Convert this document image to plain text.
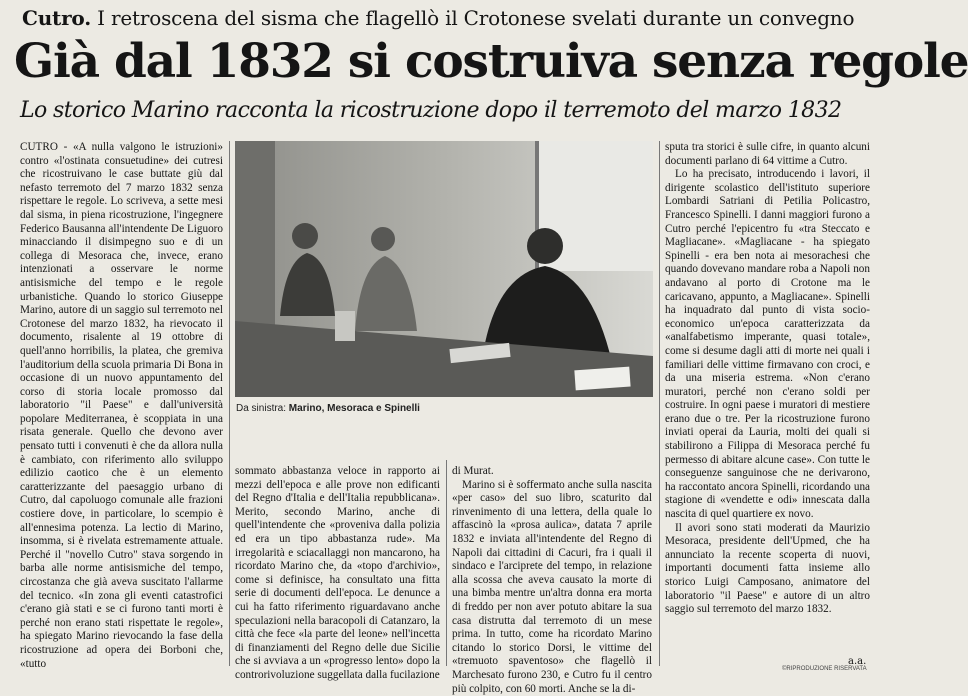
Cutro. I retroscena del sisma che flagellò il Crotonese svelati durante un convegno
Già dal 1832 si costruiva senza regole
Lo storico Marino racconta la ricostruzione dopo il terremoto del marzo 1832

CUTRO - «A nulla valgono le istruzioni» contro «l'ostinata consuetudine» dei cutresi che ricostruivano le case buttate giù dal nefasto terremoto del 7 marzo 1832 senza rispettare le regole. Lo scriveva, a sette mesi dal sisma, in piena ricostruzione, l'ingegnere Federico Bausanna all'intendente De Liguoro minacciando il disimpegno suo e di un collega di Mesoraca che, invece, erano intenzionati a osservare le norme antisismiche del tempo e le regole urbanistiche. Quando lo storico Giuseppe Marino, autore di un saggio sul terremoto nel Crotonese del marzo 1832, ha rievocato il documento, risalente al 19 ottobre di quell'anno horribilis, la platea, che gremiva l'auditorium della scuola primaria Di Bona in occasione di un nuovo appuntamento del corso di storia locale promosso dal laboratorio "il Paese" e dall'università popolare Mediterranea, è scoppiata in una risata generale. Quello che devono aver pensato tutti i convenuti è che da allora nulla è cambiato, con riferimento allo sviluppo edilizio caotico che è un elemento caratterizzante del paesaggio urbano di Cutro, dal capoluogo comunale alle frazioni costiere dove, in particolare, lo scempio è all'ennesima potenza. La lectio di Marino, insomma, si è rivelata estremamente attuale. Perché il "novello Cutro" stava sorgendo in barba alle norme antisismiche del tempo, circostanza che già aveva suscitato l'allarme del tecnico. «In zona gli eventi catastrofici c'erano già stati e se ci furono tanti morti è perché non erano stati rispettate le regole», ha spiegato Marino rievocando la fase della ricostruzione ad opera dei Borboni che, «tutto

Da sinistra: Marino, Mesoraca e Spinelli

sommato abbastanza veloce in rapporto ai mezzi dell'epoca e alle prove non edificanti del Regno d'Italia e dell'Italia repubblicana». Merito, secondo Marino, anche di quell'intendente che «proveniva dalla polizia ed era un tipo abbastanza rude». Ma irregolarità e sciacallaggi non mancarono, ha ricordato Marino che, da «topo d'archivio», come si definisce, ha consultato una fitta serie di documenti dell'epoca. Le denunce a cui ha fatto riferimento riguardavano anche speculazioni nella baracopoli di Catanzaro, la città che fece «la parte del leone» nell'incetta di finanziamenti del Regno delle due Sicilie che si avviava a un «progresso lento» dopo la controrivoluzione suggellata dalla fucilazione

di Murat.

Marino si è soffermato anche sulla nascita «per caso» del suo libro, scaturito dal rinvenimento di una lettera, della quale lo affascinò la «prosa aulica», datata 7 aprile 1832 e inviata all'intendente del Regno di Napoli dai cittadini di Cacuri, fra i quali il sindaco e l'arciprete del tempo, in relazione alla scossa che aveva causato la morte di una bimba mentre un'altra donna era morta di freddo per non aver potuto abitare la sua casa distrutta dal terremoto di un mese prima. In tutto, come ha ricordato Marino citando lo storico Dorsi, le vittime del «tremuoto spaventoso» che flagellò il Marchesato furono 230, e Cutro fu il centro più colpito, con 60 morti. Anche se la di-

sputa tra storici è sulle cifre, in quanto alcuni documenti parlano di 64 vittime a Cutro.

Lo ha precisato, introducendo i lavori, il dirigente scolastico dell'istituto superiore Lombardi Satriani di Petilia Policastro, Francesco Spinelli. I danni maggiori furono a Cutro perché l'epicentro fu «tra Steccato e Magliacane». «Magliacane - ha spiegato Spinelli - era ben nota ai mesorachesi che quando dovevano mandare roba a Napoli non andavano al porto di Crotone ma le caricavano, appunto, a Magliacane». Spinelli ha inquadrato dal punto di vista socio-economico un'epoca caratterizzata da «analfabetismo imperante, quasi totale», come si desume dagli atti di morte nei quali i familiari delle vittime firmavano con croci, e da una miseria estrema. «Non c'erano muratori, perché non c'erano soldi per costruire. In ogni paese i muratori di mestiere erano due o tre. Per la ricostruzione furono inviati operai da Lauria, molti dei quali si stabilirono a Filippa di Mesoraca perché fu permesso di abitare alcune case». Con tutte le conseguenze sanguinose che ne derivarono, ha raccontato ancora Spinelli, ricordando una stagione di «vendette e odi» innescata dalla nascita di quel quartiere ex novo.

Il avori sono stati moderati da Maurizio Mesoraca, presidente dell'Upmed, che ha annunciato la recente scoperta di nuovi, importanti documenti fatta insieme allo storico Luigi Camposano, animatore del laboratorio "il Paese" e autore di un altro saggio sul terremoto del marzo 1832.

a.a.
©RIPRODUZIONE RISERVATA
